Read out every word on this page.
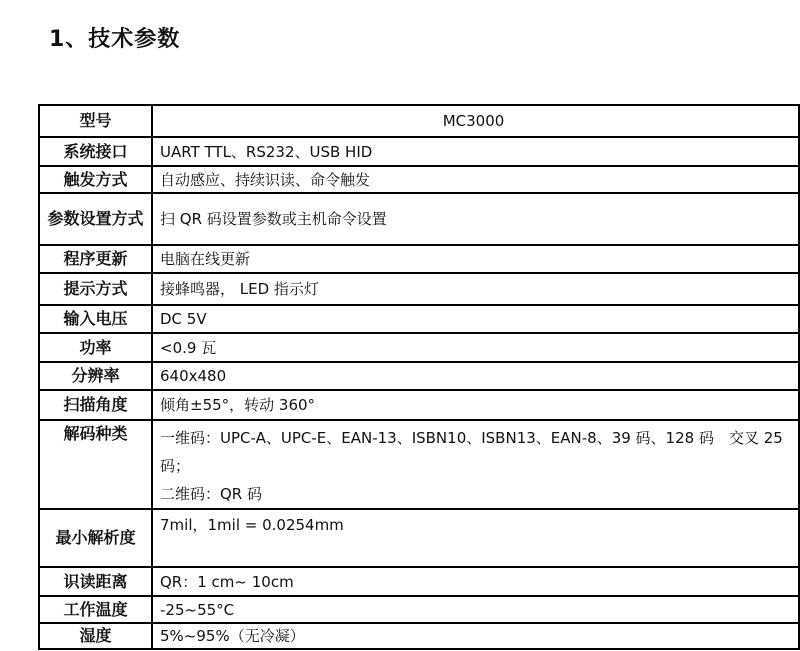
1、技术参数
型号	MC3000
系统接口	UART TTL、RS232、USB HID
触发方式	自动感应、持续识读、命令触发
参数设置方式	扫 QR 码设置参数或主机命令设置
程序更新	电脑在线更新
提示方式	接蜂鸣器， LED 指示灯
输入电压	DC 5V
功率	<0.9 瓦
分辨率	640x480
扫描角度	倾角±55°，转动 360°
解码种类	一维码：UPC-A、UPC-E、EAN-13、ISBN10、ISBN13、EAN-8、39 码、128 码　交叉 25 码；
二维码：QR 码

最小解析度	7mil，1mil = 0.0254mm
识读距离	QR：1 cm~ 10cm
工作温度	-25~55°C
湿度	5%~95%（无冷凝）
